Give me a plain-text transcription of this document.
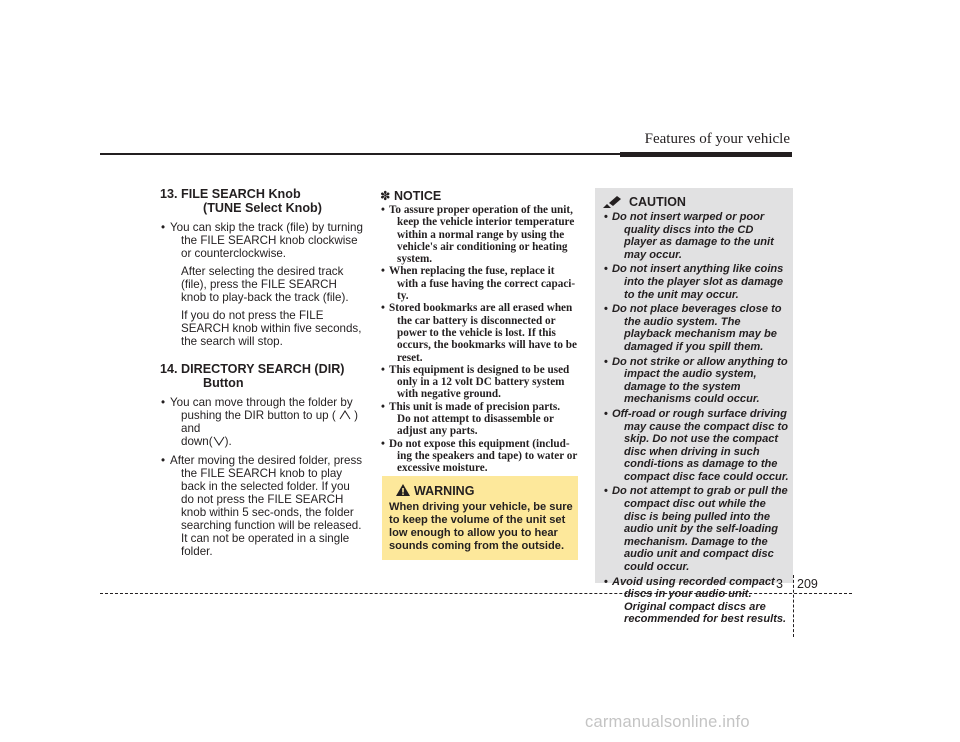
Features of your vehicle
13. FILE SEARCH Knob
(TUNE Select Knob)
• You can skip the track (file) by turning
the FILE SEARCH knob clockwise or counterclockwise.
After selecting the desired track (file), press the FILE SEARCH knob to play-back the track (file).
If you do not press the FILE SEARCH knob within five seconds, the search will stop.
14. DIRECTORY SEARCH (DIR)
Button
• You can move through the folder by
pushing the DIR button to up ( ) and
down( ).
• After moving the desired folder, press
the FILE SEARCH knob to play back in the selected folder. If you do not press the FILE SEARCH knob within 5 sec-onds, the folder searching function will be released. It can not be operated in a single folder.
✽ NOTICE
• To assure proper operation of the unit,
keep the vehicle interior temperature within a normal range by using the vehicle's air conditioning or heating system.
• When replacing the fuse, replace it
with a fuse having the correct capaci-ty.
• Stored bookmarks are all erased when
the car battery is disconnected or power to the vehicle is lost. If this occurs, the bookmarks will have to be reset.
• This equipment is designed to be used
only in a 12 volt DC battery system with negative ground.
• This unit is made of precision parts.
Do not attempt to disassemble or adjust any parts.
• Do not expose this equipment (includ-
ing the speakers and tape) to water or excessive moisture.
WARNING
When driving your vehicle, be sure to keep the volume of the unit set low enough to allow you to hear sounds coming from the outside.
CAUTION
• Do not insert warped or poor
quality discs into the CD player as damage to the unit may occur.
• Do not insert anything like coins
into the player slot as damage to the unit may occur.
• Do not place beverages close to
the audio system. The playback mechanism may be damaged if you spill them.
• Do not strike or allow anything to
impact the audio system, damage to the system mechanisms could occur.
• Off-road or rough surface driving
may cause the compact disc to skip. Do not use the compact disc when driving in such condi-tions as damage to the compact disc face could occur.
• Do not attempt to grab or pull the
compact disc out while the disc is being pulled into the audio unit by the self-loading mechanism. Damage to the audio unit and compact disc could occur.
• Avoid using recorded compact
discs in your audio unit. Original compact discs are recommended for best results.
3 209
carmanualsonline.info
